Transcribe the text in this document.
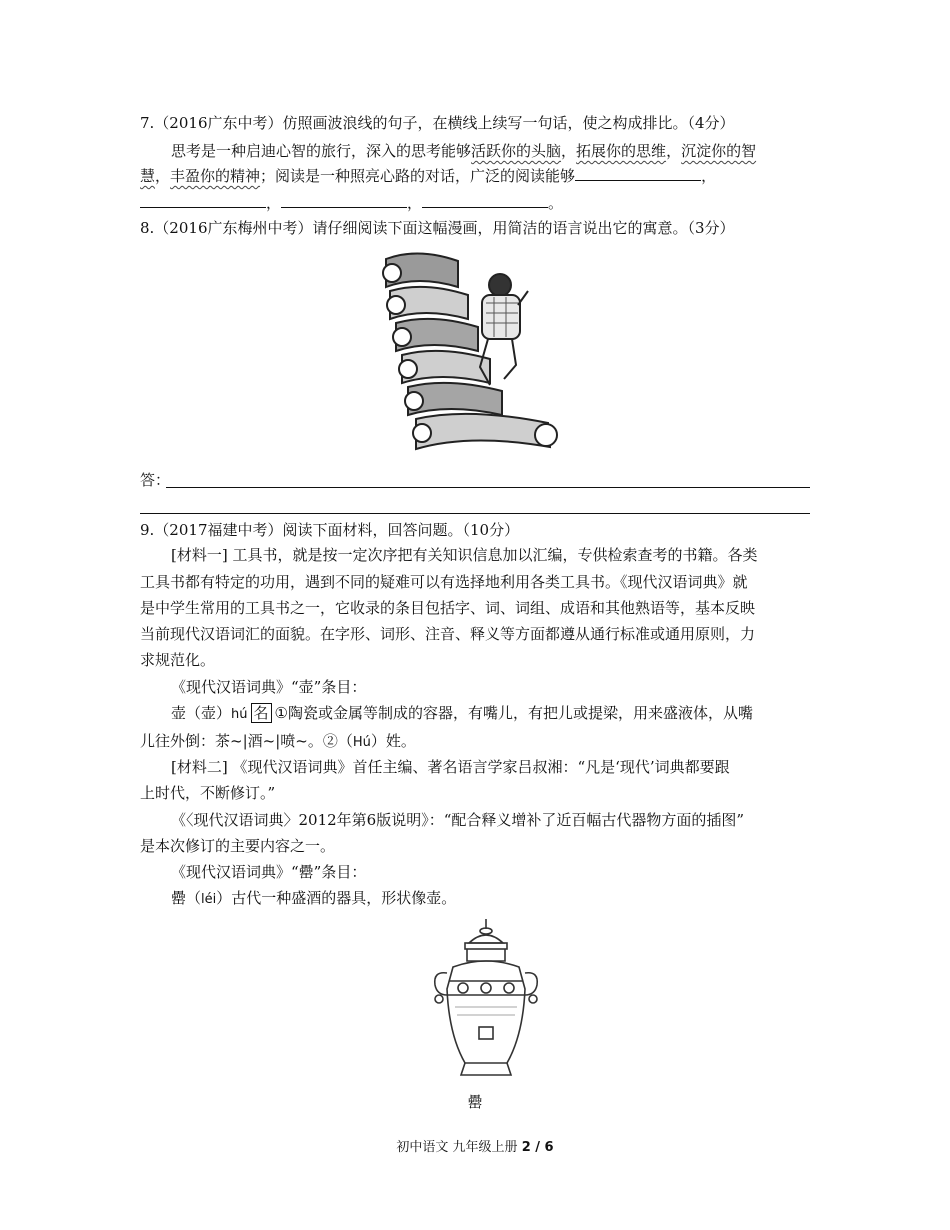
7.（2016广东中考）仿照画波浪线的句子，在横线上续写一句话，使之构成排比。（4分）
思考是一种启迪心智的旅行，深入的思考能够活跃你的头脑，拓展你的思维，沉淀你的智
慧，丰盈你的精神；阅读是一种照亮心路的对话，广泛的阅读能够	，
，	，	。
8.（2016广东梅州中考）请仔细阅读下面这幅漫画，用简洁的语言说出它的寓意。（3分）
答：
9.（2017福建中考）阅读下面材料，回答问题。（10分）
[材料一] 工具书，就是按一定次序把有关知识信息加以汇编，专供检索查考的书籍。各类
工具书都有特定的功用，遇到不同的疑难可以有选择地利用各类工具书。《现代汉语词典》就
是中学生常用的工具书之一，它收录的条目包括字、词、词组、成语和其他熟语等，基本反映
当前现代汉语词汇的面貌。在字形、词形、注音、释义等方面都遵从通行标准或通用原则，力
求规范化。
《现代汉语词典》“壶”条目：
壶（壶）hú 名 ①陶瓷或金属等制成的容器，有嘴儿，有把儿或提梁，用来盛液体，从嘴
儿往外倒：茶~|酒~|喷~。②（Hú）姓。
[材料二] 《现代汉语词典》首任主编、著名语言学家吕叔湘：“凡是‘现代’词典都要跟
上时代，不断修订。”
《〈现代汉语词典〉2012年第6版说明》：“配合释义增补了近百幅古代器物方面的插图”
是本次修订的主要内容之一。
《现代汉语词典》“罍”条目：
罍（léi）古代一种盛酒的器具，形状像壶。
罍
初中语文 九年级上册 2 / 6
